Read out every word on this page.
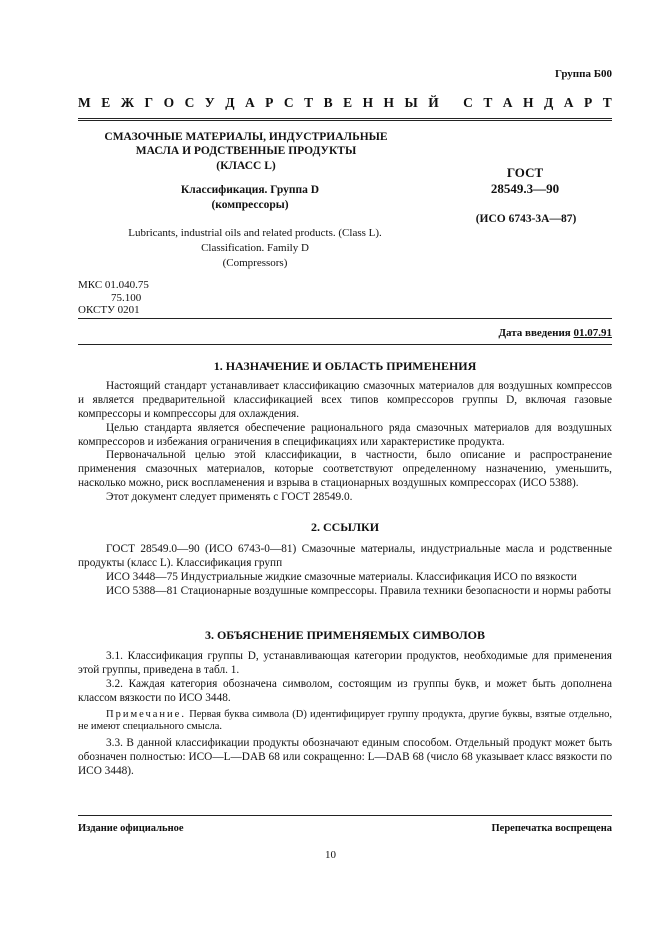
Группа Б00
М Е Ж Г О С У Д А Р С Т В Е Н Н Ы Й
С Т А Н Д А Р Т
СМАЗОЧНЫЕ МАТЕРИАЛЫ, ИНДУСТРИАЛЬНЫЕ
МАСЛА И РОДСТВЕННЫЕ ПРОДУКТЫ
(КЛАСС L)
Классификация. Группа D
(компрессоры)
Lubricants, industrial oils and related products. (Class L).
Classification. Family D
(Compressors)
ГОСТ
28549.3—90
(ИСО 6743-3А—87)
МКС 01.040.75
75.100
ОКСТУ 0201
Дата введения 01.07.91
1. НАЗНАЧЕНИЕ И ОБЛАСТЬ ПРИМЕНЕНИЯ

Настоящий стандарт устанавливает классификацию смазочных материалов для воздушных компрессов и является предварительной классификацией всех типов компрессоров группы D, включая газовые компрессоры и компрессоры для охлаждения.

Целью стандарта является обеспечение рационального ряда смазочных материалов для воздушных компрессоров и избежания ограничения в спецификациях или характеристике продукта.

Первоначальной целью этой классификации, в частности, было описание и распространение применения смазочных материалов, которые соответствуют определенному назначению, уменьшить, насколько можно, риск воспламенения и взрыва в стационарных воздушных компрессорах (ИСО 5388).

Этот документ следует применять с ГОСТ 28549.0.

2. ССЫЛКИ

ГОСТ 28549.0—90 (ИСО 6743-0—81) Смазочные материалы, индустриальные масла и родственные продукты (класс L). Классификация групп

ИСО 3448—75 Индустриальные жидкие смазочные материалы. Классификация ИСО по вязкости

ИСО 5388—81 Стационарные воздушные компрессоры. Правила техники безопасности и нормы работы

3. ОБЪЯСНЕНИЕ ПРИМЕНЯЕМЫХ СИМВОЛОВ

3.1. Классификация группы D, устанавливающая категории продуктов, необходимые для применения этой группы, приведена в табл. 1.

3.2. Каждая категория обозначена символом, состоящим из группы букв, и может быть дополнена классом вязкости по ИСО 3448.

Примечание. Первая буква символа (D) идентифицирует группу продукта, другие буквы, взятые отдельно, не имеют специального смысла.

3.3. В данной классификации продукты обозначают единым способом. Отдельный продукт может быть обозначен полностью: ИСО—L—DAB 68 или сокращенно: L—DAB 68 (число 68 указывает класс вязкости по ИСО 3448).

Издание официальное	Перепечатка воспрещена
10
